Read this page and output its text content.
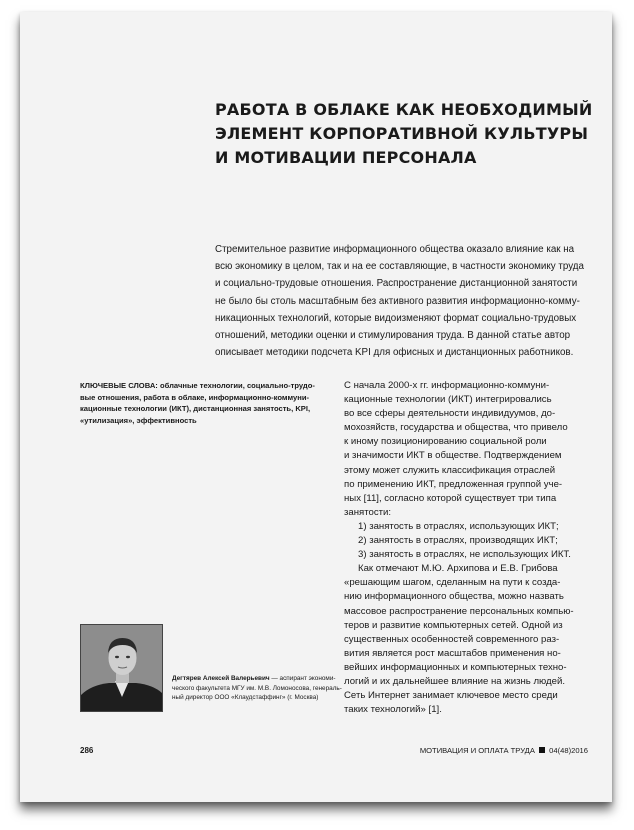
РАБОТА В ОБЛАКЕ КАК НЕОБХОДИМЫЙ
ЭЛЕМЕНТ КОРПОРАТИВНОЙ КУЛЬТУРЫ
И МОТИВАЦИИ ПЕРСОНАЛА
Стремительное развитие информационного общества оказало влияние как на
всю экономику в целом, так и на ее составляющие, в частности экономику труда
и социально-трудовые отношения. Распространение дистанционной занятости
не было бы столь масштабным без активного развития информационно-комму-
никационных технологий, которые видоизменяют формат социально-трудовых
отношений, методики оценки и стимулирования труда. В данной статье автор
описывает методики подсчета KPI для офисных и дистанционных работников.
КЛЮЧЕВЫЕ СЛОВА: облачные технологии, социально-трудо-
вые отношения, работа в облаке, информационно-коммуни-
кационные технологии (ИКТ), дистанционная занятость, KPI,
«утилизация», эффективность
С начала 2000-х гг. информационно-коммуни-
кационные технологии (ИКТ) интегрировались
во все сферы деятельности индивидуумов, до-
мохозяйств, государства и общества, что привело
к иному позиционированию социальной роли
и значимости ИКТ в обществе. Подтверждением
этому может служить классификация отраслей
по применению ИКТ, предложенная группой уче-
ных [11], согласно которой существует три типа
занятости:
1) занятость в отраслях, использующих ИКТ;
2) занятость в отраслях, производящих ИКТ;
3) занятость в отраслях, не использующих ИКТ.
Как отмечают М.Ю. Архипова и Е.В. Грибова
«решающим шагом, сделанным на пути к созда-
нию информационного общества, можно назвать
массовое распространение персональных компью-
теров и развитие компьютерных сетей. Одной из
существенных особенностей современного раз-
вития является рост масштабов применения но-
вейших информационных и компьютерных техно-
логий и их дальнейшее влияние на жизнь людей.
Сеть Интернет занимает ключевое место среди
таких технологий» [1].
Дегтярев Алексей Валерьевич — аспирант экономи-
ческого факультета МГУ им. М.В. Ломоносова, генераль-
ный директор ООО «Клаудстаффинг» (г. Москва)
286	МОТИВАЦИЯ И ОПЛАТА ТРУДА 04(48)2016
